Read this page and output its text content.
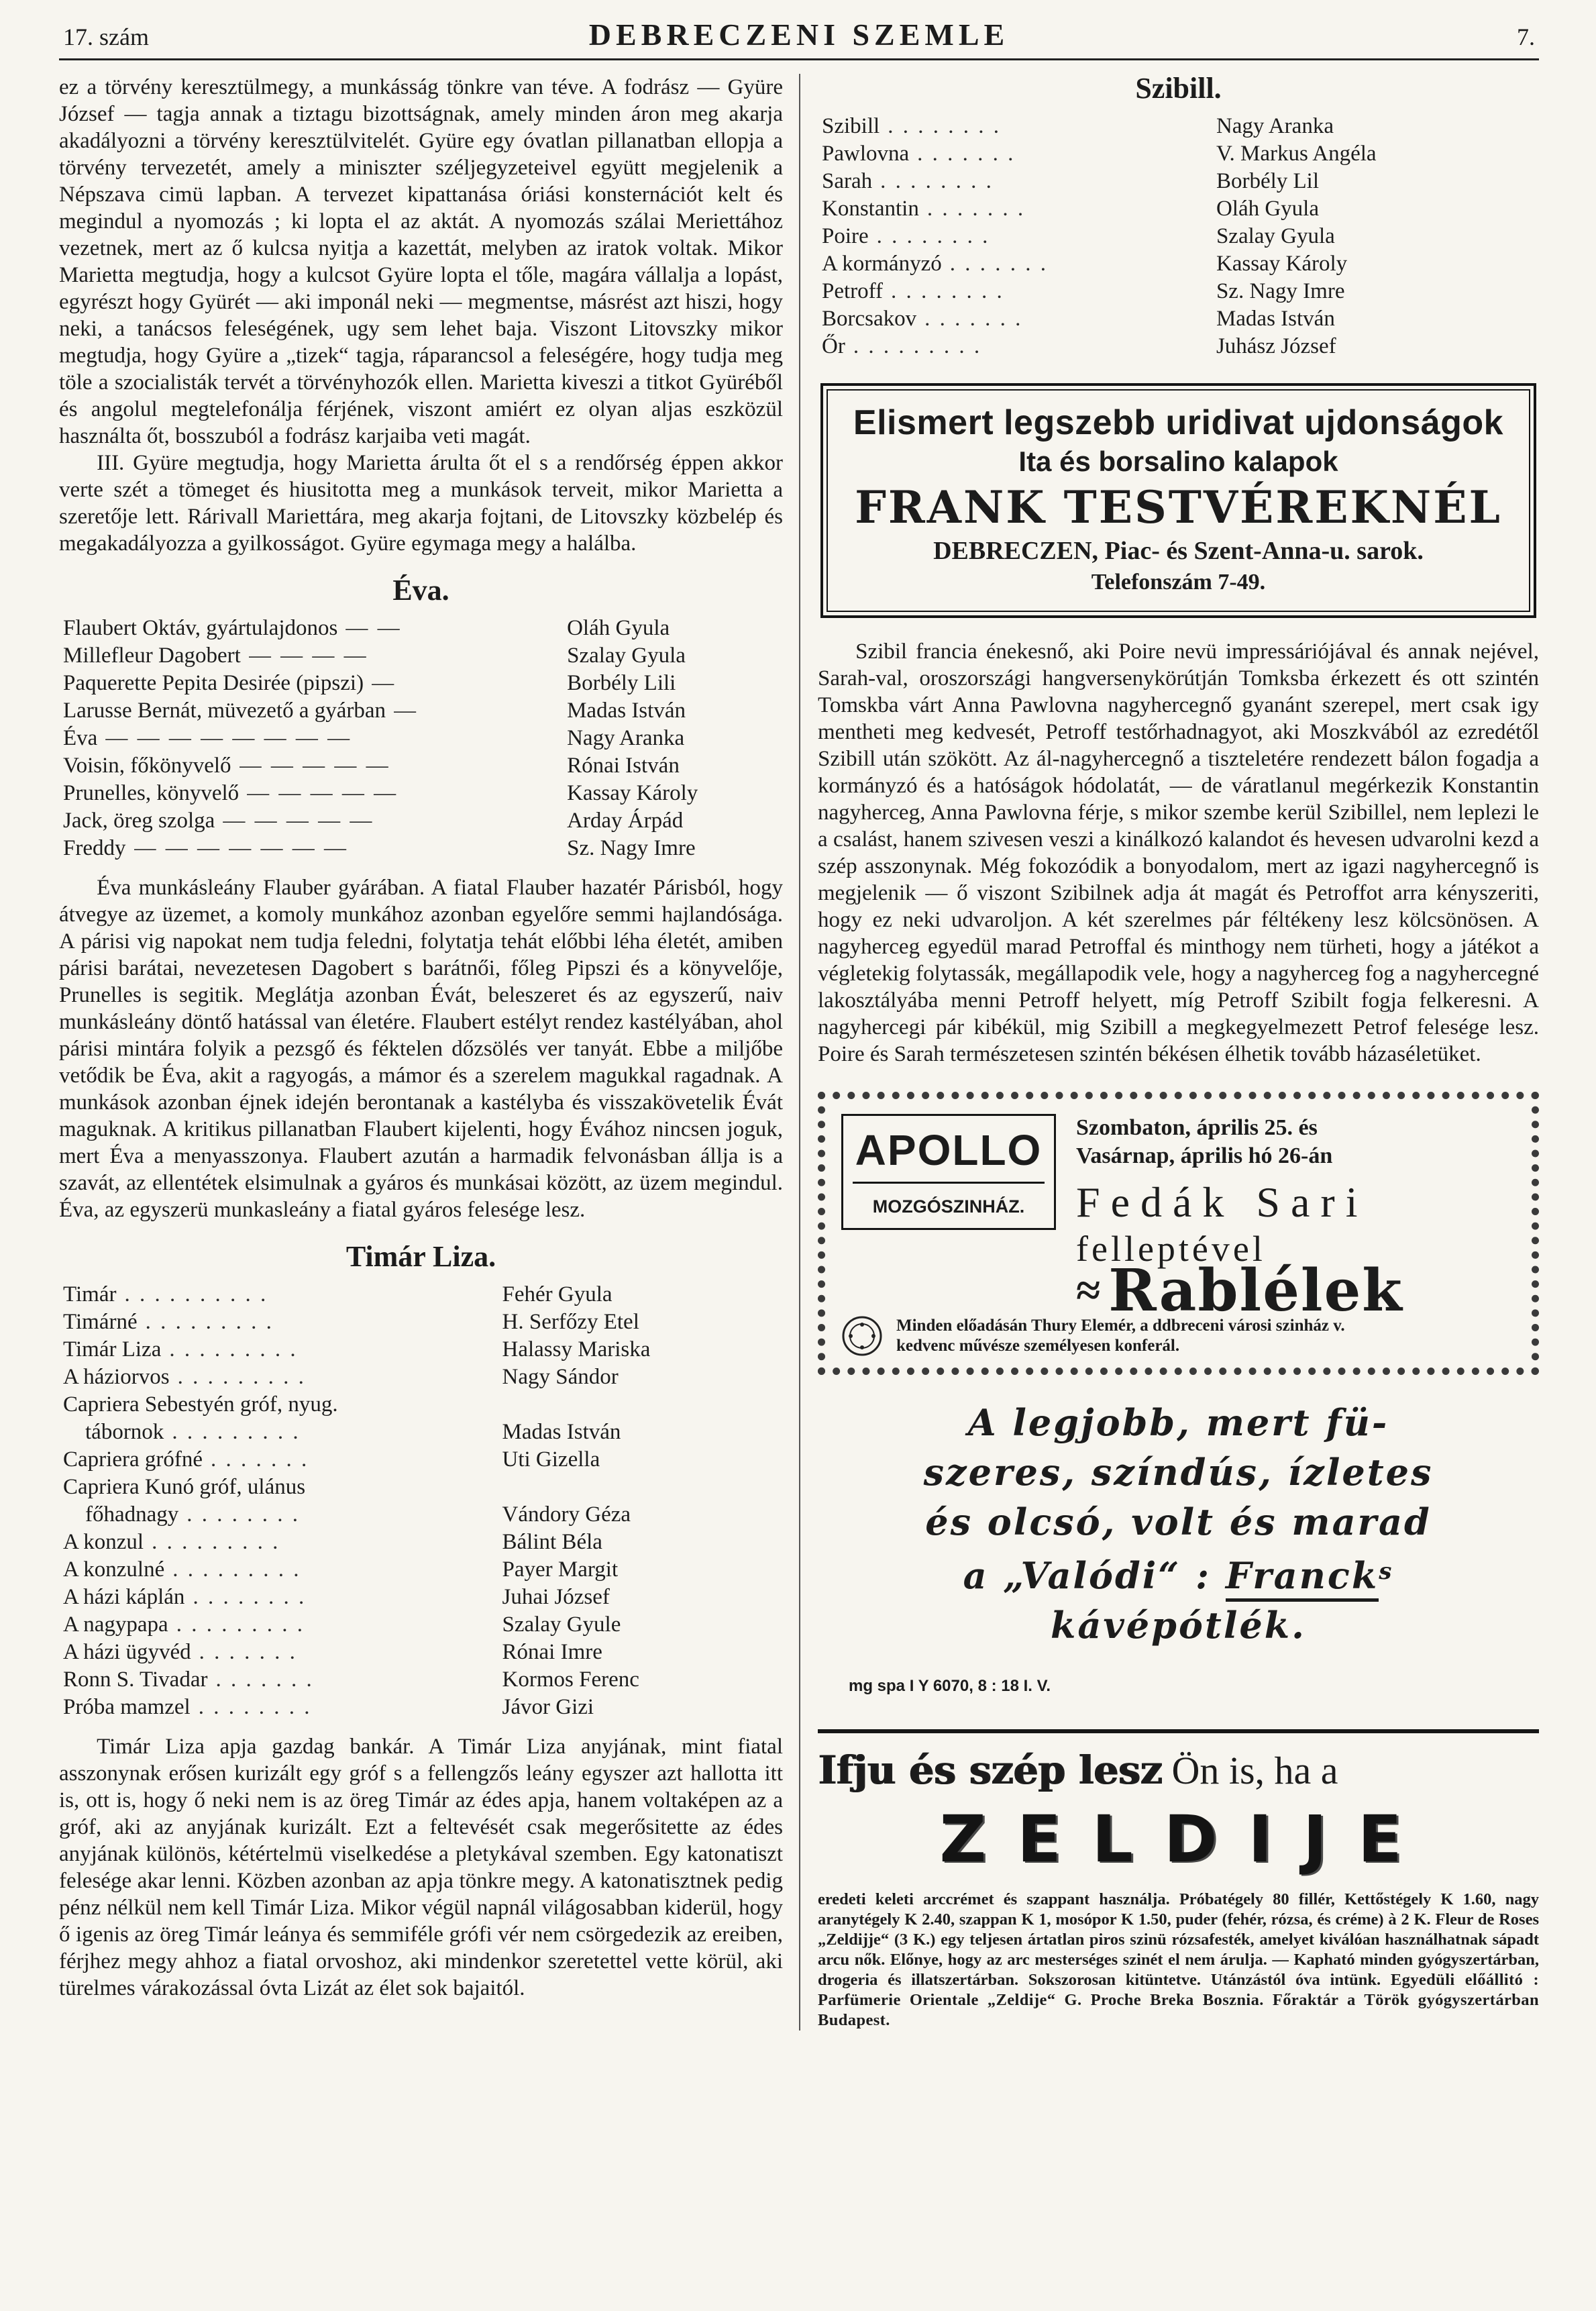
17. szám	DEBRECZENI SZEMLE	7.

ez a törvény keresztülmegy, a munkásság tönkre van téve. A fodrász — Gyüre József — tagja annak a tiztagu bizottságnak, amely minden áron meg akarja akadályozni a törvény keresztülvitelét. Gyüre egy óvatlan pillanatban ellopja a törvény tervezetét, amely a miniszter széljegyzeteivel együtt megjelenik a Népszava cimü lapban. A tervezet kipattanása óriási konsternációt kelt és megindul a nyomozás ; ki lopta el az aktát. A nyomozás szálai Meriettához vezetnek, mert az ő kulcsa nyitja a kazettát, melyben az iratok voltak. Mikor Marietta megtudja, hogy a kulcsot Gyüre lopta el tőle, magára vállalja a lopást, egyrészt hogy Gyürét — aki imponál neki — megmentse, másrést azt hiszi, hogy neki, a tanácsos feleségének, ugy sem lehet baja. Viszont Litovszky mikor megtudja, hogy Gyüre a „tizek“ tagja, ráparancsol a feleségére, hogy tudja meg töle a szocialisták tervét a törvényhozók ellen. Marietta kiveszi a titkot Gyüréből és angolul megtelefonálja férjének, viszont amiért ez olyan aljas eszközül használta őt, bosszuból a fodrász karjaiba veti magát.

III. Gyüre megtudja, hogy Marietta árulta őt el s a rendőrség éppen akkor verte szét a tömeget és hiusitotta meg a munkások terveit, mikor Marietta a szeretője lett. Rárivall Mariettára, meg akarja fojtani, de Litovszky közbelép és megakadályozza a gyilkosságot. Gyüre egymaga megy a halálba.

Éva.
Flaubert Oktáv, gyártulajdonos — —	Oláh Gyula
Millefleur Dagobert — — — —	Szalay Gyula
Paquerette Pepita Desirée (pipszi) —	Borbély Lili
Larusse Bernát, müvezető a gyárban —	Madas István
Éva — — — — — — — —	Nagy Aranka
Voisin, főkönyvelő — — — — —	Rónai István
Prunelles, könyvelő — — — — —	Kassay Károly
Jack, öreg szolga — — — — —	Arday Árpád
Freddy — — — — — — —	Sz. Nagy Imre

Éva munkásleány Flauber gyárában. A fiatal Flauber hazatér Párisból, hogy átvegye az üzemet, a komoly munkához azonban egyelőre semmi hajlandósága. A párisi vig napokat nem tudja feledni, folytatja tehát előbbi léha életét, amiben párisi barátai, nevezetesen Dagobert s barátnői, főleg Pipszi és a könyvelője, Prunelles is segitik. Meglátja azonban Évát, beleszeret és az egyszerű, naiv munkásleány döntő hatással van életére. Flaubert estélyt rendez kastélyában, ahol párisi mintára folyik a pezsgő és féktelen dőzsölés ver tanyát. Ebbe a miljőbe vetődik be Éva, akit a ragyogás, a mámor és a szerelem magukkal ragadnak. A munkások azonban éjnek idején berontanak a kastélyba és visszakövetelik Évát maguknak. A kritikus pillanatban Flaubert kijelenti, hogy Évához nincsen joguk, mert Éva a menyasszonya. Flaubert azután a harmadik felvonásban állja is a szavát, az ellentétek elsimulnak a gyáros és munkásai között, az üzem megindul. Éva, az egyszerü munkasleány a fiatal gyáros felesége lesz.

Timár Liza.
Timár . . . . . . . . . .	Fehér Gyula
Timárné . . . . . . . . .	H. Serfőzy Etel
Timár Liza . . . . . . . . .	Halassy Mariska
A háziorvos . . . . . . . . .	Nagy Sándor
Capriera Sebestyén gróf, nyug.
tábornok . . . . . . . . .	Madas István
Capriera grófné . . . . . . .	Uti Gizella
Capriera Kunó gróf, ulánus
főhadnagy . . . . . . . .	Vándory Géza
A konzul . . . . . . . . .	Bálint Béla
A konzulné . . . . . . . . .	Payer Margit
A házi káplán . . . . . . . .	Juhai József
A nagypapa . . . . . . . . .	Szalay Gyule
A házi ügyvéd . . . . . . .	Rónai Imre
Ronn S. Tivadar . . . . . . .	Kormos Ferenc
Próba mamzel . . . . . . . .	Jávor Gizi

Timár Liza apja gazdag bankár. A Timár Liza anyjának, mint fiatal asszonynak erősen kurizált egy gróf s a fellengzős leány egyszer azt hallotta itt is, ott is, hogy ő neki nem is az öreg Timár az édes apja, hanem voltaképen az a gróf, aki az anyjának kurizált. Ezt a feltevését csak megerősitette az édes anyjának különös, kétértelmü viselkedése a pletykával szemben. Egy katonatiszt felesége akar lenni. Közben azonban az apja tönkre megy. A katonatisztnek pedig pénz nélkül nem kell Timár Liza. Mikor végül napnál világosabban kiderül, hogy ő igenis az öreg Timár leánya és semmiféle grófi vér nem csörgedezik az ereiben, férjhez megy ahhoz a fiatal orvoshoz, aki mindenkor szeretettel vette körül, aki türelmes várakozással óvta Lizát az élet sok bajaitól.

Szibill.
Szibill . . . . . . . .	Nagy Aranka
Pawlovna . . . . . . .	V. Markus Angéla
Sarah . . . . . . . .	Borbély Lil
Konstantin . . . . . . .	Oláh Gyula
Poire . . . . . . . .	Szalay Gyula
A kormányzó . . . . . . .	Kassay Károly
Petroff . . . . . . . .	Sz. Nagy Imre
Borcsakov . . . . . . .	Madas István
Őr . . . . . . . . .	Juhász József
Elismert legszebb uridivat ujdonságok
Ita és borsalino kalapok
FRANK TESTVÉREKNÉL
DEBRECZEN, Piac- és Szent-Anna-u. sarok.
Telefonszám 7-49.

Szibil francia énekesnő, aki Poire nevü impressáriójával és annak nejével, Sarah-val, oroszországi hangversenykörútján Tomksba érkezett és ott szintén Tomskba várt Anna Pawlovna nagyhercegnő gyanánt szerepel, mert csak igy mentheti meg kedvesét, Petroff testőrhadnagyot, aki Moszkvából az ezredétől Szibill után szökött. Az ál-nagyhercegnő a tiszteletére rendezett bálon fogadja a kormányzó és a hatóságok hódolatát, — de váratlanul megérkezik Konstantin nagyherceg, Anna Pawlovna férje, s mikor szembe kerül Szibillel, nem leplezi le a csalást, hanem szivesen veszi a kinálkozó kalandot és hevesen udvarolni kezd a szép asszonynak. Még fokozódik a bonyodalom, mert az igazi nagyhercegnő is megjelenik — ő viszont Szibilnek adja át magát és Petroffot arra kényszeriti, hogy ez neki udvaroljon. A két szerelmes pár féltékeny lesz kölcsönösen. A nagyherceg egyedül marad Petroffal és minthogy nem türheti, hogy a játékot a végletekig folytassák, megállapodik vele, hogy a nagyherceg fog a nagyhercegné lakosztályába menni Petroff helyett, míg Petroff Szibilt fogja felkeresni. A nagyhercegi pár kibékül, mig Szibill a megkegyelmezett Petrof felesége lesz. Poire és Sarah természetesen szintén békésen élhetik tovább házaséletüket.

APOLLO
MOZGÓSZINHÁZ.
Szombaton, április 25. és
Vasárnap, április hó 26-án
Fedák Sari
felleptével
≈ Rablélek
Minden előadásán Thury Elemér, a ddbreceni városi szinház v. kedvenc művésze személyesen konferál.
A legjobb, mert fü-
szeres, színdús, ízletes
és olcsó, volt és marad
a „Valódi“ : Franck$^s$
kávépótlék.
mg spa I Y 6070, 8 : 18 I. V.
Ifju és szép lesz Ön is, ha a
ZELDIJE

eredeti keleti arccrémet és szappant használja. Próbatégely 80 fillér, Kettőstégely K 1.60, nagy aranytégely K 2.40, szappan K 1, mosópor K 1.50, puder (fehér, rózsa, és créme) à 2 K. Fleur de Roses „Zeldijje“ (3 K.) egy teljesen ártatlan piros szinü rózsafesték, amelyet kiválóan használhatnak sápadt arcu nők. Előnye, hogy az arc mesterséges szinét el nem árulja. — Kapható minden gyógyszertárban, drogeria és illatszertárban. Sokszorosan kitüntetve. Utánzástól óva intünk. Egyedüli előállitó : Parfümerie Orientale „Zeldije“ G. Proche Breka Bosznia. Főraktár a Török gyógyszertárban Budapest.
